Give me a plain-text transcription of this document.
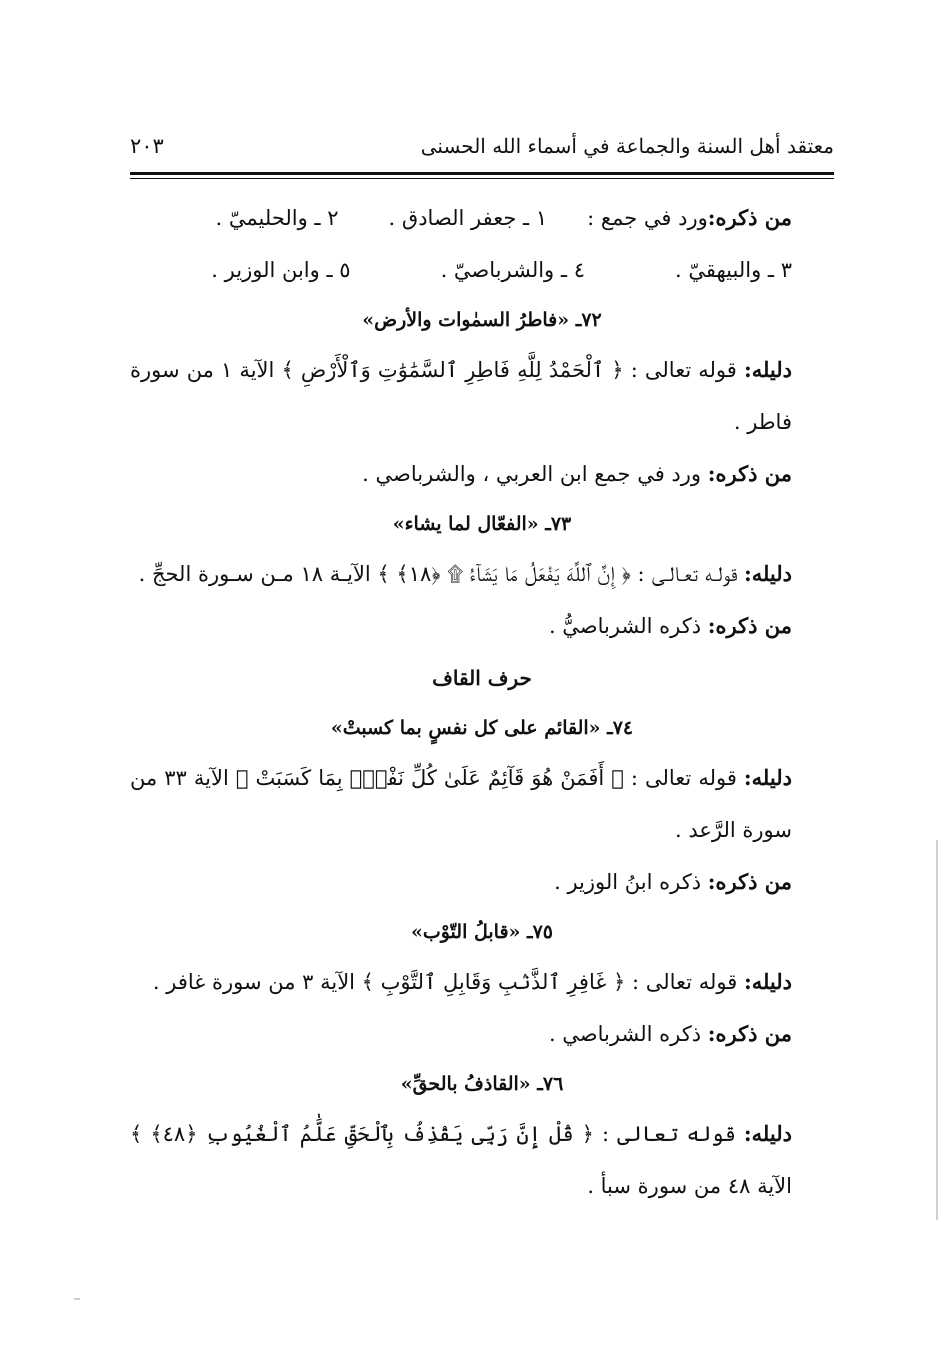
معتقد أهل السنة والجماعة في أسماء الله الحسنى
٢٠٣
من ذكره:
ورد في جمع :
١ ـ جعفر الصادق .
٢ ـ والحليميّ .
٣ ـ والبيهقيّ .
٤ ـ والشرباصيّ .
٥ ـ وابن الوزير .

٧٢ـ «فاطرُ السمٰوات والأرض»

دليله: قوله تعالى : ﴿ ٱلْحَمْدُ لِلَّهِ فَاطِرِ ٱلسَّمَٰوَٰتِ وَٱلْأَرْضِ ﴾ الآية ١ من سورة فاطر .

من ذكره: ورد في جمع ابن العربي ، والشرباصي .

٧٣ـ «الفعّال لما يشاء»

دليله: قولـه تعـالـى : ﴿ إِنَّ ٱللَّهَ يَفْعَلُ مَا يَشَآءُ ۩ ﴿١٨﴾ ﴾ الآيـة ١٨ مـن سـورة الحجِّ .

من ذكره: ذكره الشرباصيُّ .

حرف القاف

٧٤ـ «القائم على كل نفسٍ بما كسبتْ»

دليله: قوله تعالى : ﴿ أَفَمَنْ هُوَ قَآئِمٌ عَلَىٰ كُلِّ نَفْسٍۭ بِمَا كَسَبَتْ ﴾ الآية ٣٣ من سورة الرَّعد .

من ذكره: ذكره ابنُ الوزير .

٧٥ـ «قابلُ التّوْب»

دليله: قوله تعالى : ﴿ غَافِرِ ٱلذَّنۢبِ وَقَابِلِ ٱلتَّوْبِ ﴾ الآية ٣ من سورة غافر .

من ذكره: ذكره الشرباصي .

٧٦ـ «القاذفُ بالحقِّ»

دليله: قوله تعالى : ﴿ قُلْ إِنَّ رَبِّى يَقْذِفُ بِٱلْحَقِّ عَلَّٰمُ ٱلْغُيُوبِ ﴿٤٨﴾ ﴾ الآية ٤٨ من سورة سبأ .
